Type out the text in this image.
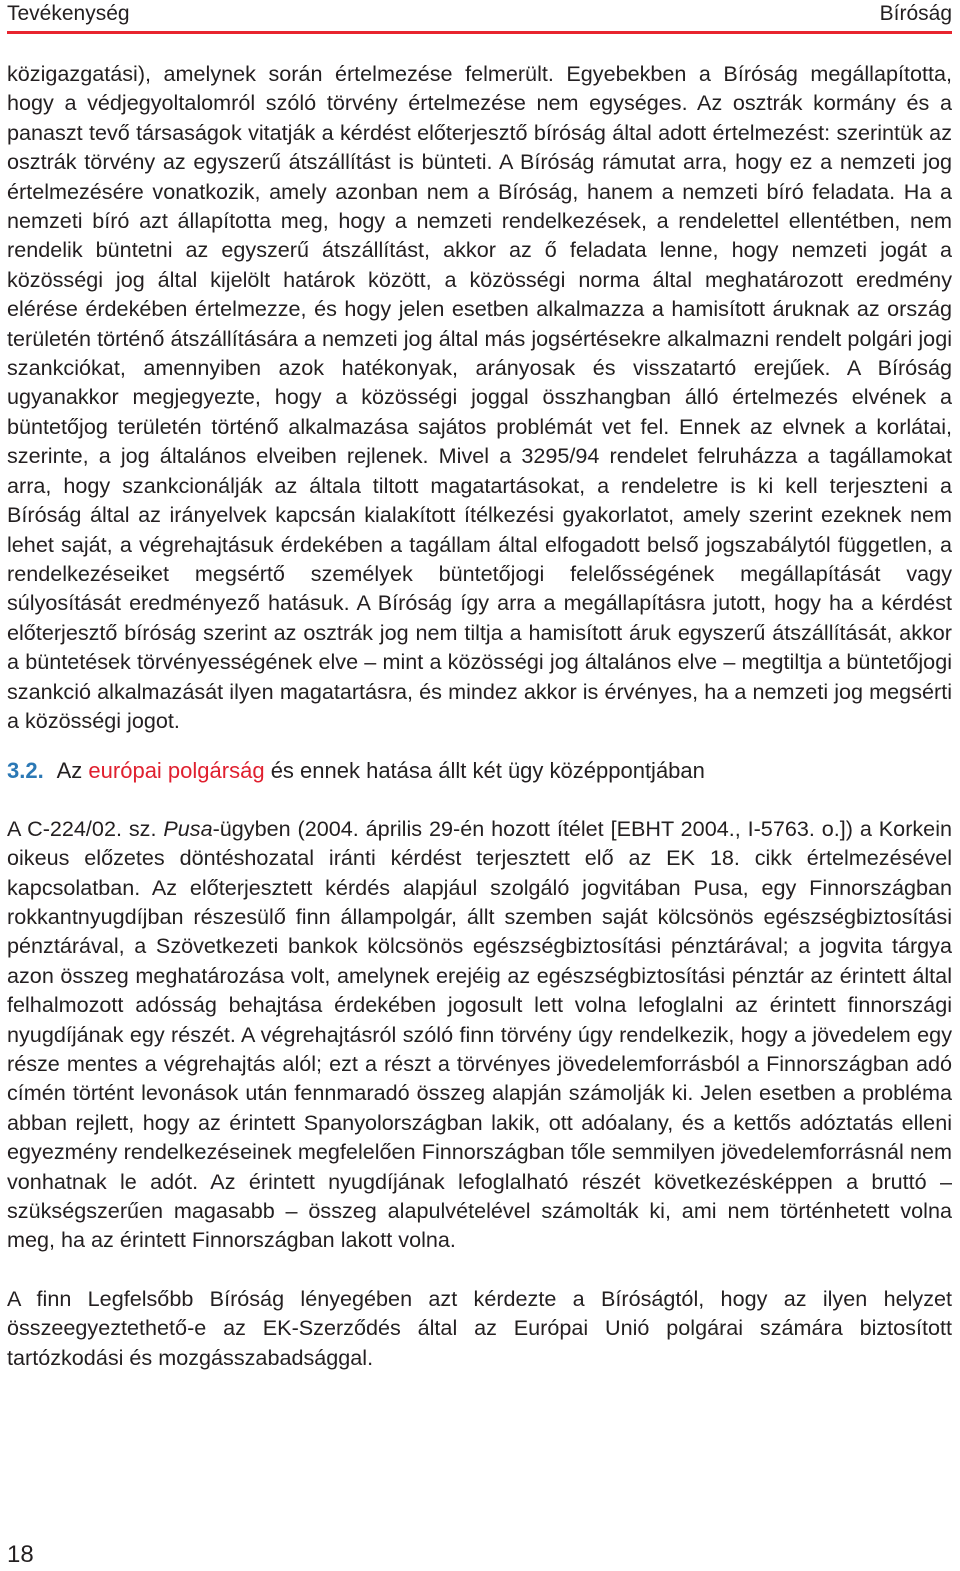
Tevékenység	Bíróság

közigazgatási), amelynek során értelmezése felmerült. Egyebekben a Bíróság megállapította, hogy a védjegyoltalomról szóló törvény értelmezése nem egységes. Az osztrák kormány és a panaszt tevő társaságok vitatják a kérdést előterjesztő bíróság által adott értelmezést: szerintük az osztrák törvény az egyszerű átszállítást is bünteti. A Bíróság rámutat arra, hogy ez a nemzeti jog értelmezésére vonatkozik, amely azonban nem a Bíróság, hanem a nemzeti bíró feladata. Ha a nemzeti bíró azt állapította meg, hogy a nemzeti rendelkezések, a rendelettel ellentétben, nem rendelik büntetni az egyszerű átszállítást, akkor az ő feladata lenne, hogy nemzeti jogát a közösségi jog által kijelölt határok között, a közösségi norma által meghatározott eredmény elérése érdekében értelmezze, és hogy jelen esetben alkalmazza a hamisított áruknak az ország területén történő átszállítására a nemzeti jog által más jogsértésekre alkalmazni rendelt polgári jogi szankciókat, amennyiben azok hatékonyak, arányosak és visszatartó erejűek. A Bíróság ugyanakkor megjegyezte, hogy a közösségi joggal összhangban álló értelmezés elvének a büntetőjog területén történő alkalmazása sajátos problémát vet fel. Ennek az elvnek a korlátai, szerinte, a jog általános elveiben rejlenek. Mivel a 3295/94 rendelet felruházza a tagállamokat arra, hogy szankcionálják az általa tiltott magatartásokat, a rendeletre is ki kell terjeszteni a Bíróság által az irányelvek kapcsán kialakított ítélkezési gyakorlatot, amely szerint ezeknek nem lehet saját, a végrehajtásuk érdekében a tagállam által elfogadott belső jogszabálytól független, a rendelkezéseiket megsértő személyek büntetőjogi felelősségének megállapítását vagy súlyosítását eredményező hatásuk. A Bíróság így arra a megállapításra jutott, hogy ha a kérdést előterjesztő bíróság szerint az osztrák jog nem tiltja a hamisított áruk egyszerű átszállítását, akkor a büntetések törvényességének elve – mint a közösségi jog általános elve – megtiltja a büntetőjogi szankció alkalmazását ilyen magatartásra, és mindez akkor is érvényes, ha a nemzeti jog megsérti a közösségi jogot.

3.2. Az európai polgárság és ennek hatása állt két ügy középpontjában

A C-224/02. sz. Pusa-ügyben (2004. április 29-én hozott ítélet [EBHT 2004., I-5763. o.]) a Korkein oikeus előzetes döntéshozatal iránti kérdést terjesztett elő az EK 18. cikk értelmezésével kapcsolatban. Az előterjesztett kérdés alapjául szolgáló jogvitában Pusa, egy Finnországban rokkantnyugdíjban részesülő finn állampolgár, állt szemben saját kölcsönös egészségbiztosítási pénztárával, a Szövetkezeti bankok kölcsönös egészségbiztosítási pénztárával; a jogvita tárgya azon összeg meghatározása volt, amelynek erejéig az egészségbiztosítási pénztár az érintett által felhalmozott adósság behajtása érdekében jogosult lett volna lefoglalni az érintett finnországi nyugdíjának egy részét. A végrehajtásról szóló finn törvény úgy rendelkezik, hogy a jövedelem egy része mentes a végrehajtás alól; ezt a részt a törvényes jövedelemforrásból a Finnországban adó címén történt levonások után fennmaradó összeg alapján számolják ki. Jelen esetben a probléma abban rejlett, hogy az érintett Spanyolországban lakik, ott adóalany, és a kettős adóztatás elleni egyezmény rendelkezéseinek megfelelően Finnországban tőle semmilyen jövedelemforrásnál nem vonhatnak le adót. Az érintett nyugdíjának lefoglalható részét következésképpen a bruttó – szükségszerűen magasabb – összeg alapulvételével számolták ki, ami nem történhetett volna meg, ha az érintett Finnországban lakott volna.

A finn Legfelsőbb Bíróság lényegében azt kérdezte a Bíróságtól, hogy az ilyen helyzet összeegyeztethető-e az EK-Szerződés által az Európai Unió polgárai számára biztosított tartózkodási és mozgásszabadsággal.

18
